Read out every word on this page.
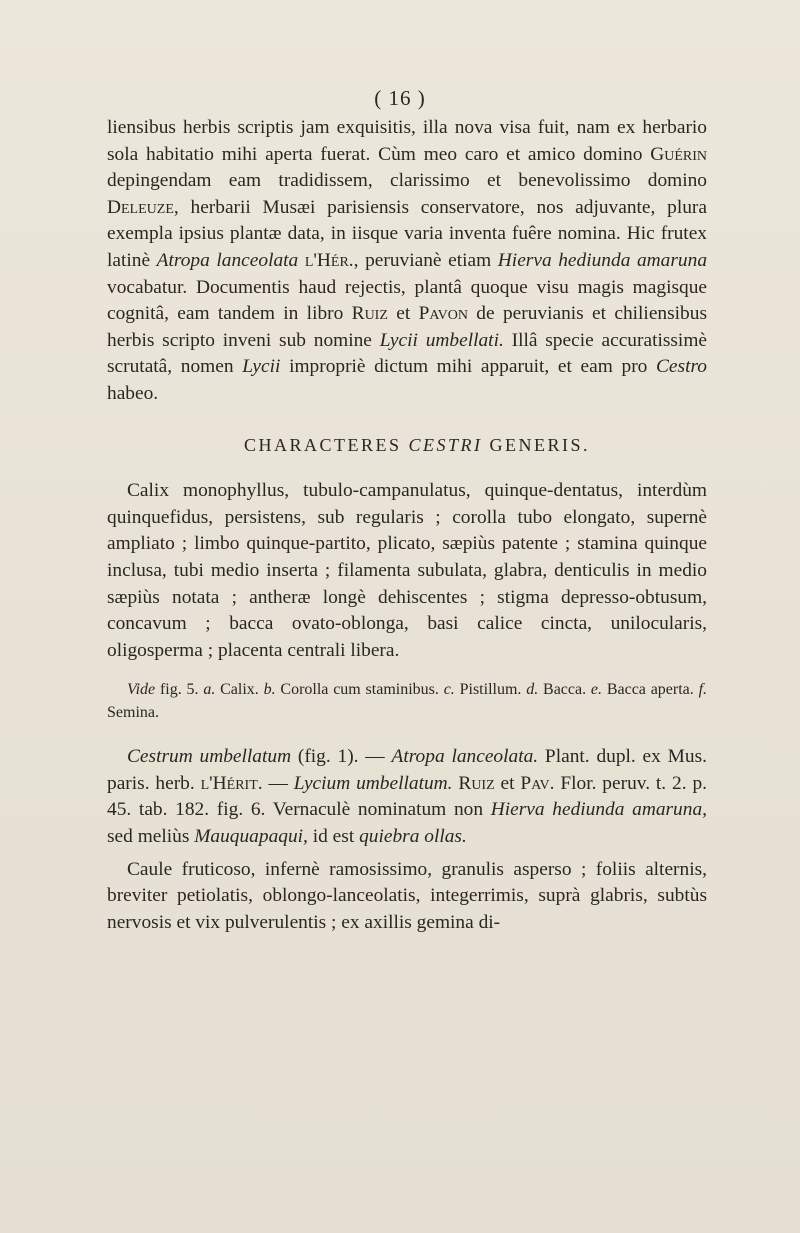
( 16 )

liensibus herbis scriptis jam exquisitis, illa nova visa fuit, nam ex herbario sola habitatio mihi aperta fuerat. Cùm meo caro et amico domino Guérin depingendam eam tradidissem, clarissimo et benevolissimo domino Deleuze, herbarii Musæi parisiensis conservatore, nos adjuvante, plura exempla ipsius plantæ data, in iisque varia inventa fuêre nomina. Hic frutex latinè Atropa lanceolata l'Hér., peruvianè etiam Hierva hediunda amaruna vocabatur. Documentis haud rejectis, plantâ quoque visu magis magisque cognitâ, eam tandem in libro Ruiz et Pavon de peruvianis et chiliensibus herbis scripto inveni sub nomine Lycii umbellati. Illâ specie accuratissimè scrutatâ, nomen Lycii impropriè dictum mihi apparuit, et eam pro Cestro habeo.

CHARACTERES CESTRI GENERIS.

Calix monophyllus, tubulo-campanulatus, quinque-dentatus, interdùm quinquefidus, persistens, sub regularis ; corolla tubo elongato, supernè ampliato ; limbo quinque-partito, plicato, sæpiùs patente ; stamina quinque inclusa, tubi medio inserta ; filamenta subulata, glabra, denticulis in medio sæpiùs notata ; antheræ longè dehiscentes ; stigma depresso-obtusum, concavum ; bacca ovato-oblonga, basi calice cincta, unilocularis, oligosperma ; placenta centrali libera.

Vide fig. 5. a. Calix. b. Corolla cum staminibus. c. Pistillum. d. Bacca. e. Bacca aperta. f. Semina.

Cestrum umbellatum (fig. 1). — Atropa lanceolata. Plant. dupl. ex Mus. paris. herb. l'Hérit. — Lycium umbellatum. Ruiz et Pav. Flor. peruv. t. 2. p. 45. tab. 182. fig. 6. Vernaculè nominatum non Hierva hediunda amaruna, sed meliùs Mauquapaqui, id est quiebra ollas.

Caule fruticoso, infernè ramosissimo, granulis asperso ; foliis alternis, breviter petiolatis, oblongo-lanceolatis, integerrimis, suprà glabris, subtùs nervosis et vix pulverulentis ; ex axillis gemina di-
